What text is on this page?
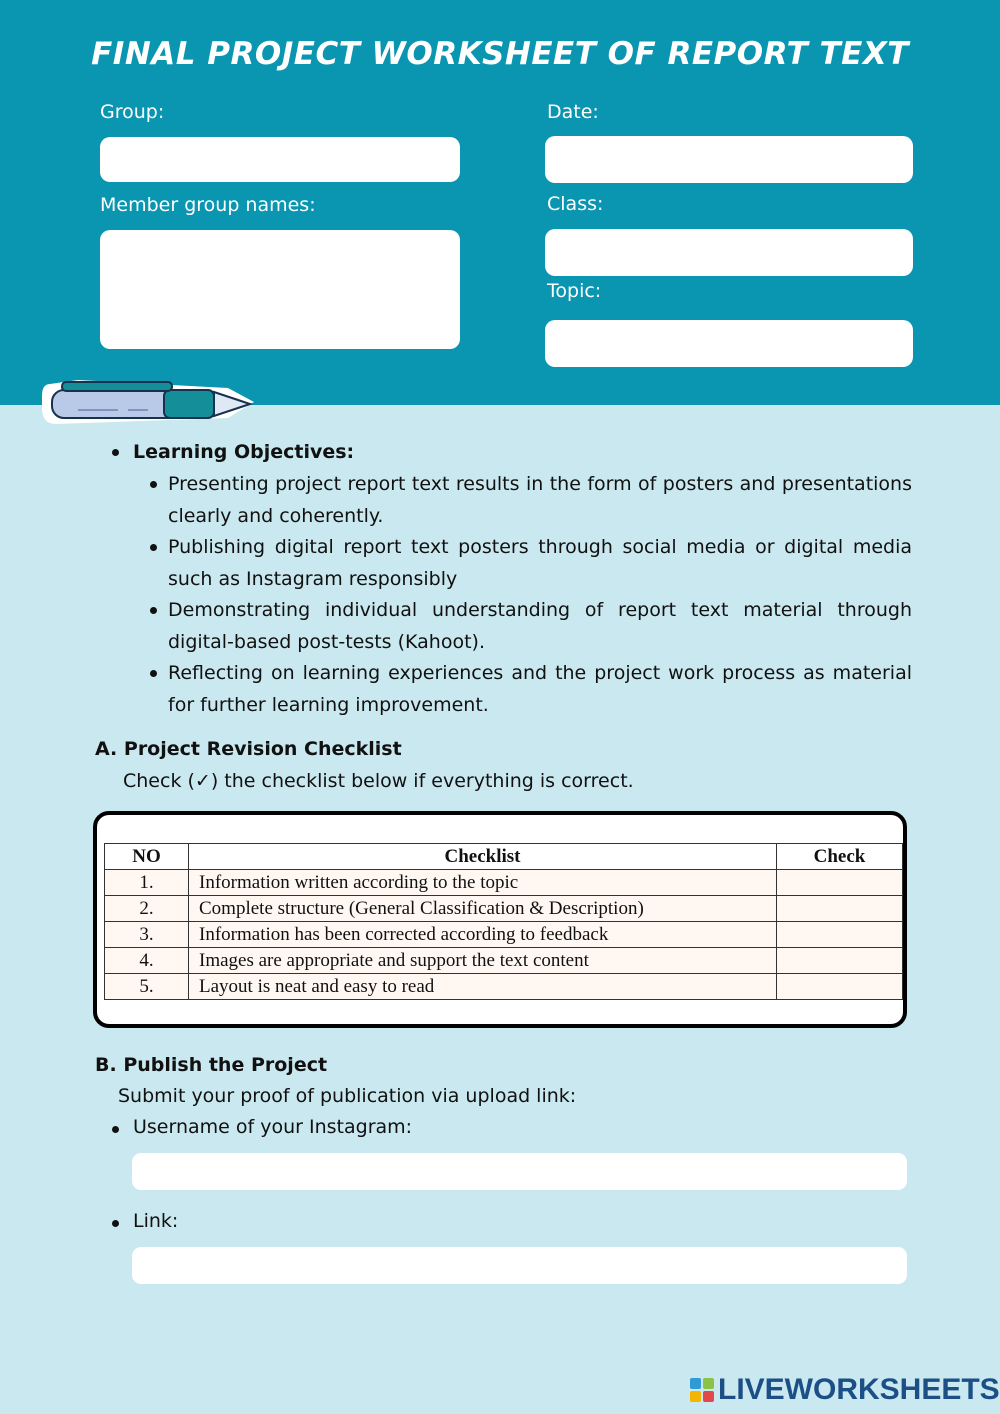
FINAL PROJECT WORKSHEET OF REPORT TEXT
Group:	Date:
Member group names:	Class:
Topic:
Learning Objectives:
Presenting project report text results in the form of posters and presentations clearly and coherently.
Publishing digital report text posters through social media or digital media such as Instagram responsibly
Demonstrating individual understanding of report text material through digital-based post-tests (Kahoot).
Reflecting on learning experiences and the project work process as material for further learning improvement.
A. Project Revision Checklist
Check (✓) the checklist below if everything is correct.
NO	Checklist	Check
1.	Information written according to the topic	
2.	Complete structure (General Classification & Description)	
3.	Information has been corrected according to feedback	
4.	Images are appropriate and support the text content	
5.	Layout is neat and easy to read	
B. Publish the Project
Submit your proof of publication via upload link:
Username of your Instagram:
Link:
LIVEWORKSHEETS
